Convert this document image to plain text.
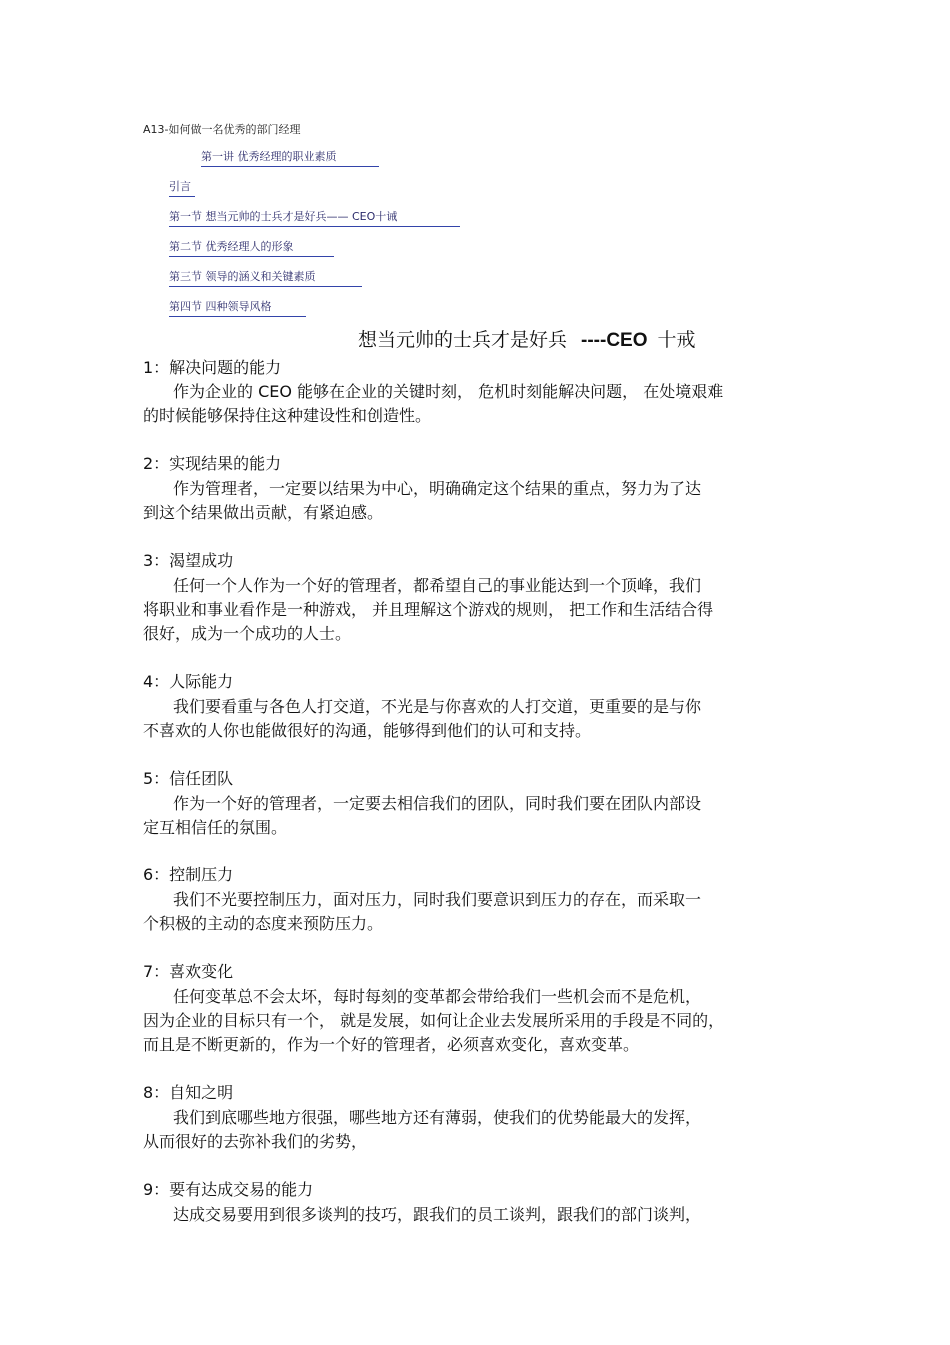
A13-如何做一名优秀的部门经理
第一讲 优秀经理的职业素质
引言
第一节 想当元帅的士兵才是好兵—— CEO十诫
第二节 优秀经理人的形象
第三节 领导的涵义和关键素质
第四节 四种领导风格
想当元帅的士兵才是好兵 ----CEO 十戒
1：解决问题的能力
作为企业的 CEO 能够在企业的关键时刻， 危机时刻能解决问题， 在处境艰难
的时候能够保持住这种建设性和创造性。
2：实现结果的能力
作为管理者，一定要以结果为中心，明确确定这个结果的重点，努力为了达
到这个结果做出贡献，有紧迫感。
3：渴望成功
任何一个人作为一个好的管理者，都希望自己的事业能达到一个顶峰，我们
将职业和事业看作是一种游戏， 并且理解这个游戏的规则， 把工作和生活结合得
很好，成为一个成功的人士。
4：人际能力
我们要看重与各色人打交道，不光是与你喜欢的人打交道，更重要的是与你
不喜欢的人你也能做很好的沟通，能够得到他们的认可和支持。
5：信任团队
作为一个好的管理者，一定要去相信我们的团队，同时我们要在团队内部设
定互相信任的氛围。
6：控制压力
我们不光要控制压力，面对压力，同时我们要意识到压力的存在，而采取一
个积极的主动的态度来预防压力。
7：喜欢变化
任何变革总不会太坏，每时每刻的变革都会带给我们一些机会而不是危机，
因为企业的目标只有一个， 就是发展，如何让企业去发展所采用的手段是不同的，
而且是不断更新的，作为一个好的管理者，必须喜欢变化，喜欢变革。
8：自知之明
我们到底哪些地方很强，哪些地方还有薄弱，使我们的优势能最大的发挥，
从而很好的去弥补我们的劣势，
9：要有达成交易的能力
达成交易要用到很多谈判的技巧，跟我们的员工谈判，跟我们的部门谈判，
